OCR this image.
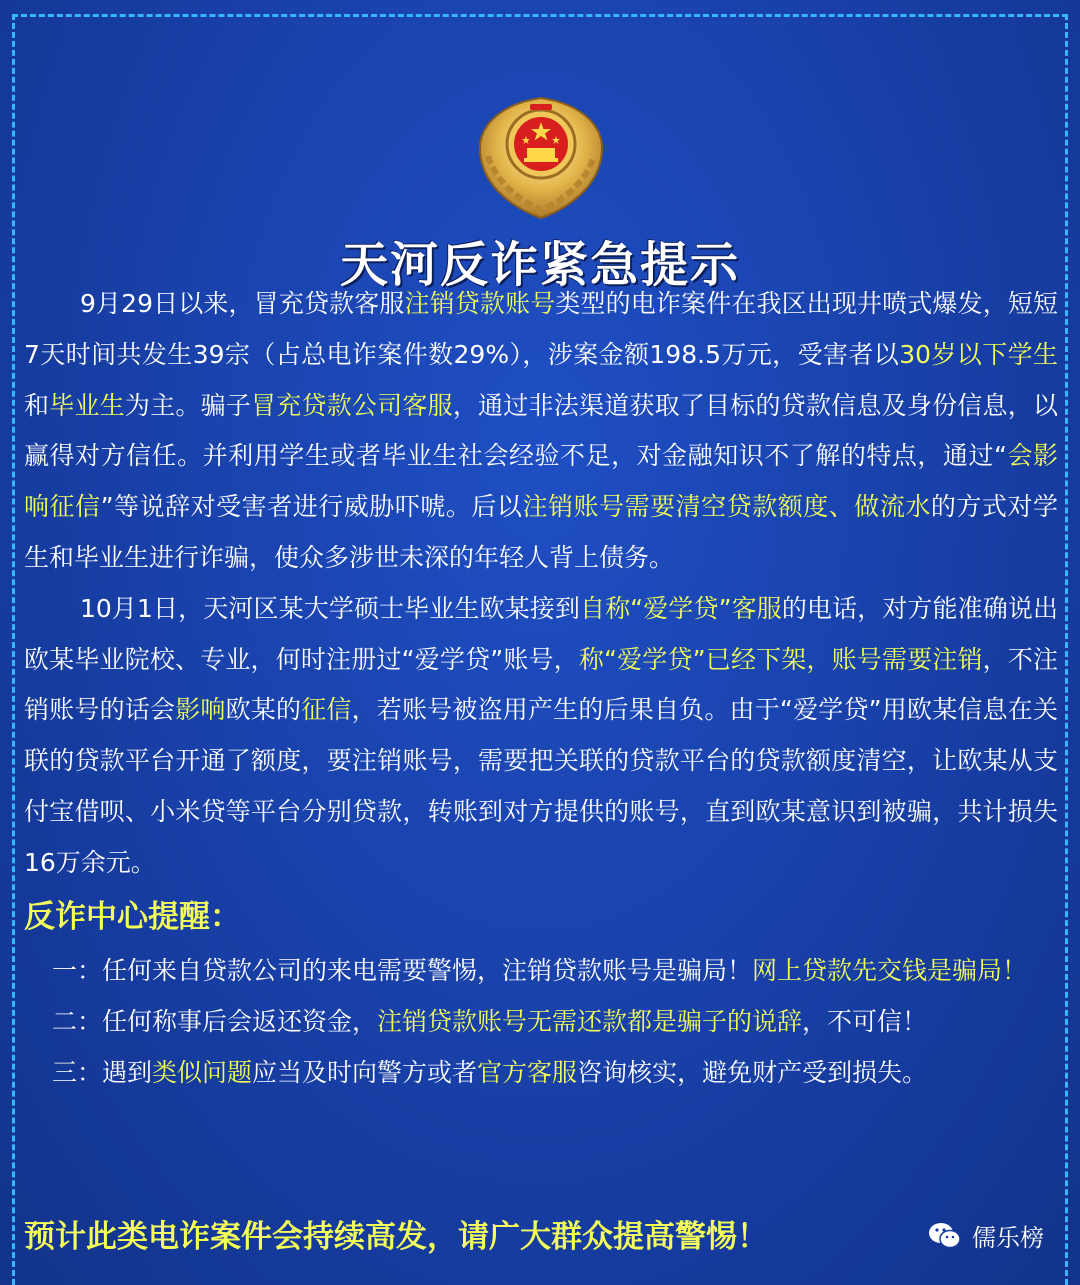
天河反诈紧急提示

9月29日以来，冒充贷款客服注销贷款账号类型的电诈案件在我区出现井喷式爆发，短短7天时间共发生39宗（占总电诈案件数29%），涉案金额198.5万元，受害者以30岁以下学生和毕业生为主。骗子冒充贷款公司客服，通过非法渠道获取了目标的贷款信息及身份信息，以赢得对方信任。并利用学生或者毕业生社会经验不足，对金融知识不了解的特点，通过“会影响征信”等说辞对受害者进行威胁吓唬。后以注销账号需要清空贷款额度、做流水的方式对学生和毕业生进行诈骗，使众多涉世未深的年轻人背上债务。

10月1日，天河区某大学硕士毕业生欧某接到自称“爱学贷”客服的电话，对方能准确说出欧某毕业院校、专业，何时注册过“爱学贷”账号，称“爱学贷”已经下架，账号需要注销，不注销账号的话会影响欧某的征信，若账号被盗用产生的后果自负。由于“爱学贷”用欧某信息在关联的贷款平台开通了额度，要注销账号，需要把关联的贷款平台的贷款额度清空，让欧某从支付宝借呗、小米贷等平台分别贷款，转账到对方提供的账号，直到欧某意识到被骗，共计损失16万余元。

反诈中心提醒：

一：任何来自贷款公司的来电需要警惕，注销贷款账号是骗局！网上贷款先交钱是骗局！

二：任何称事后会返还资金，注销贷款账号无需还款都是骗子的说辞，不可信！

三：遇到类似问题应当及时向警方或者官方客服咨询核实，避免财产受到损失。

预计此类电诈案件会持续高发，请广大群众提高警惕！	儒乐榜
